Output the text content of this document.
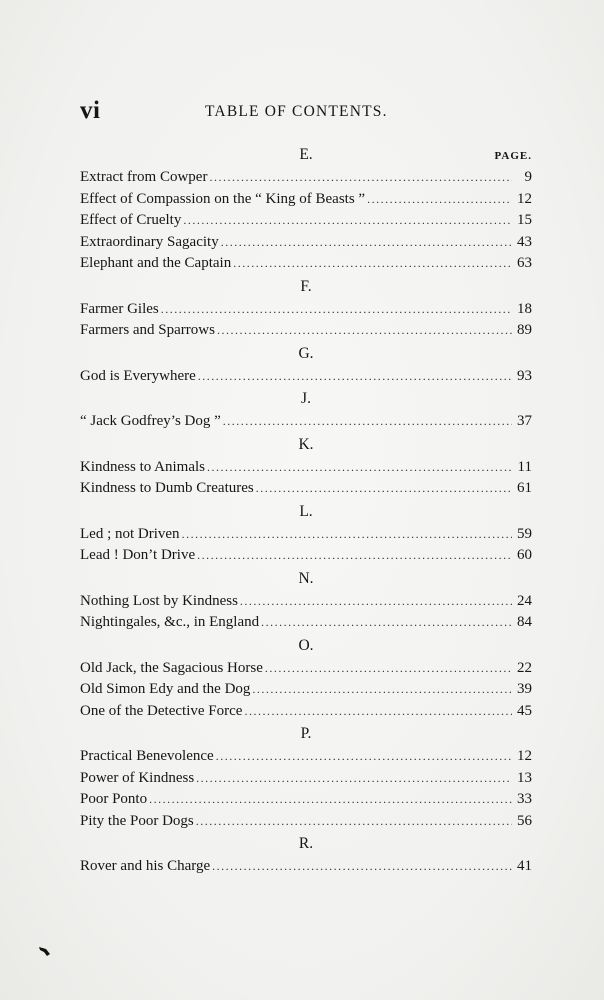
vi	TABLE OF CONTENTS.
E.	PAGE.
Extract from Cowper .....	9
Effect of Compassion on the “ King of Beasts ” .....	12
Effect of Cruelty .....	15
Extraordinary Sagacity .....	43
Elephant and the Captain .....	63
F.
Farmer Giles .....	18
Farmers and Sparrows .....	89
G.
God is Everywhere .....	93
J.
“ Jack Godfrey’s Dog ” .....	37
K.
Kindness to Animals .....	11
Kindness to Dumb Creatures .....	61
L.
Led ; not Driven .....	59
Lead ! Don’t Drive .....	60
N.
Nothing Lost by Kindness .....	24
Nightingales, &c., in England .....	84
O.
Old Jack, the Sagacious Horse .....	22
Old Simon Edy and the Dog .....	39
One of the Detective Force .....	45
P.
Practical Benevolence .....	12
Power of Kindness .....	13
Poor Ponto .....	33
Pity the Poor Dogs .....	56
R.
Rover and his Charge .....	41
